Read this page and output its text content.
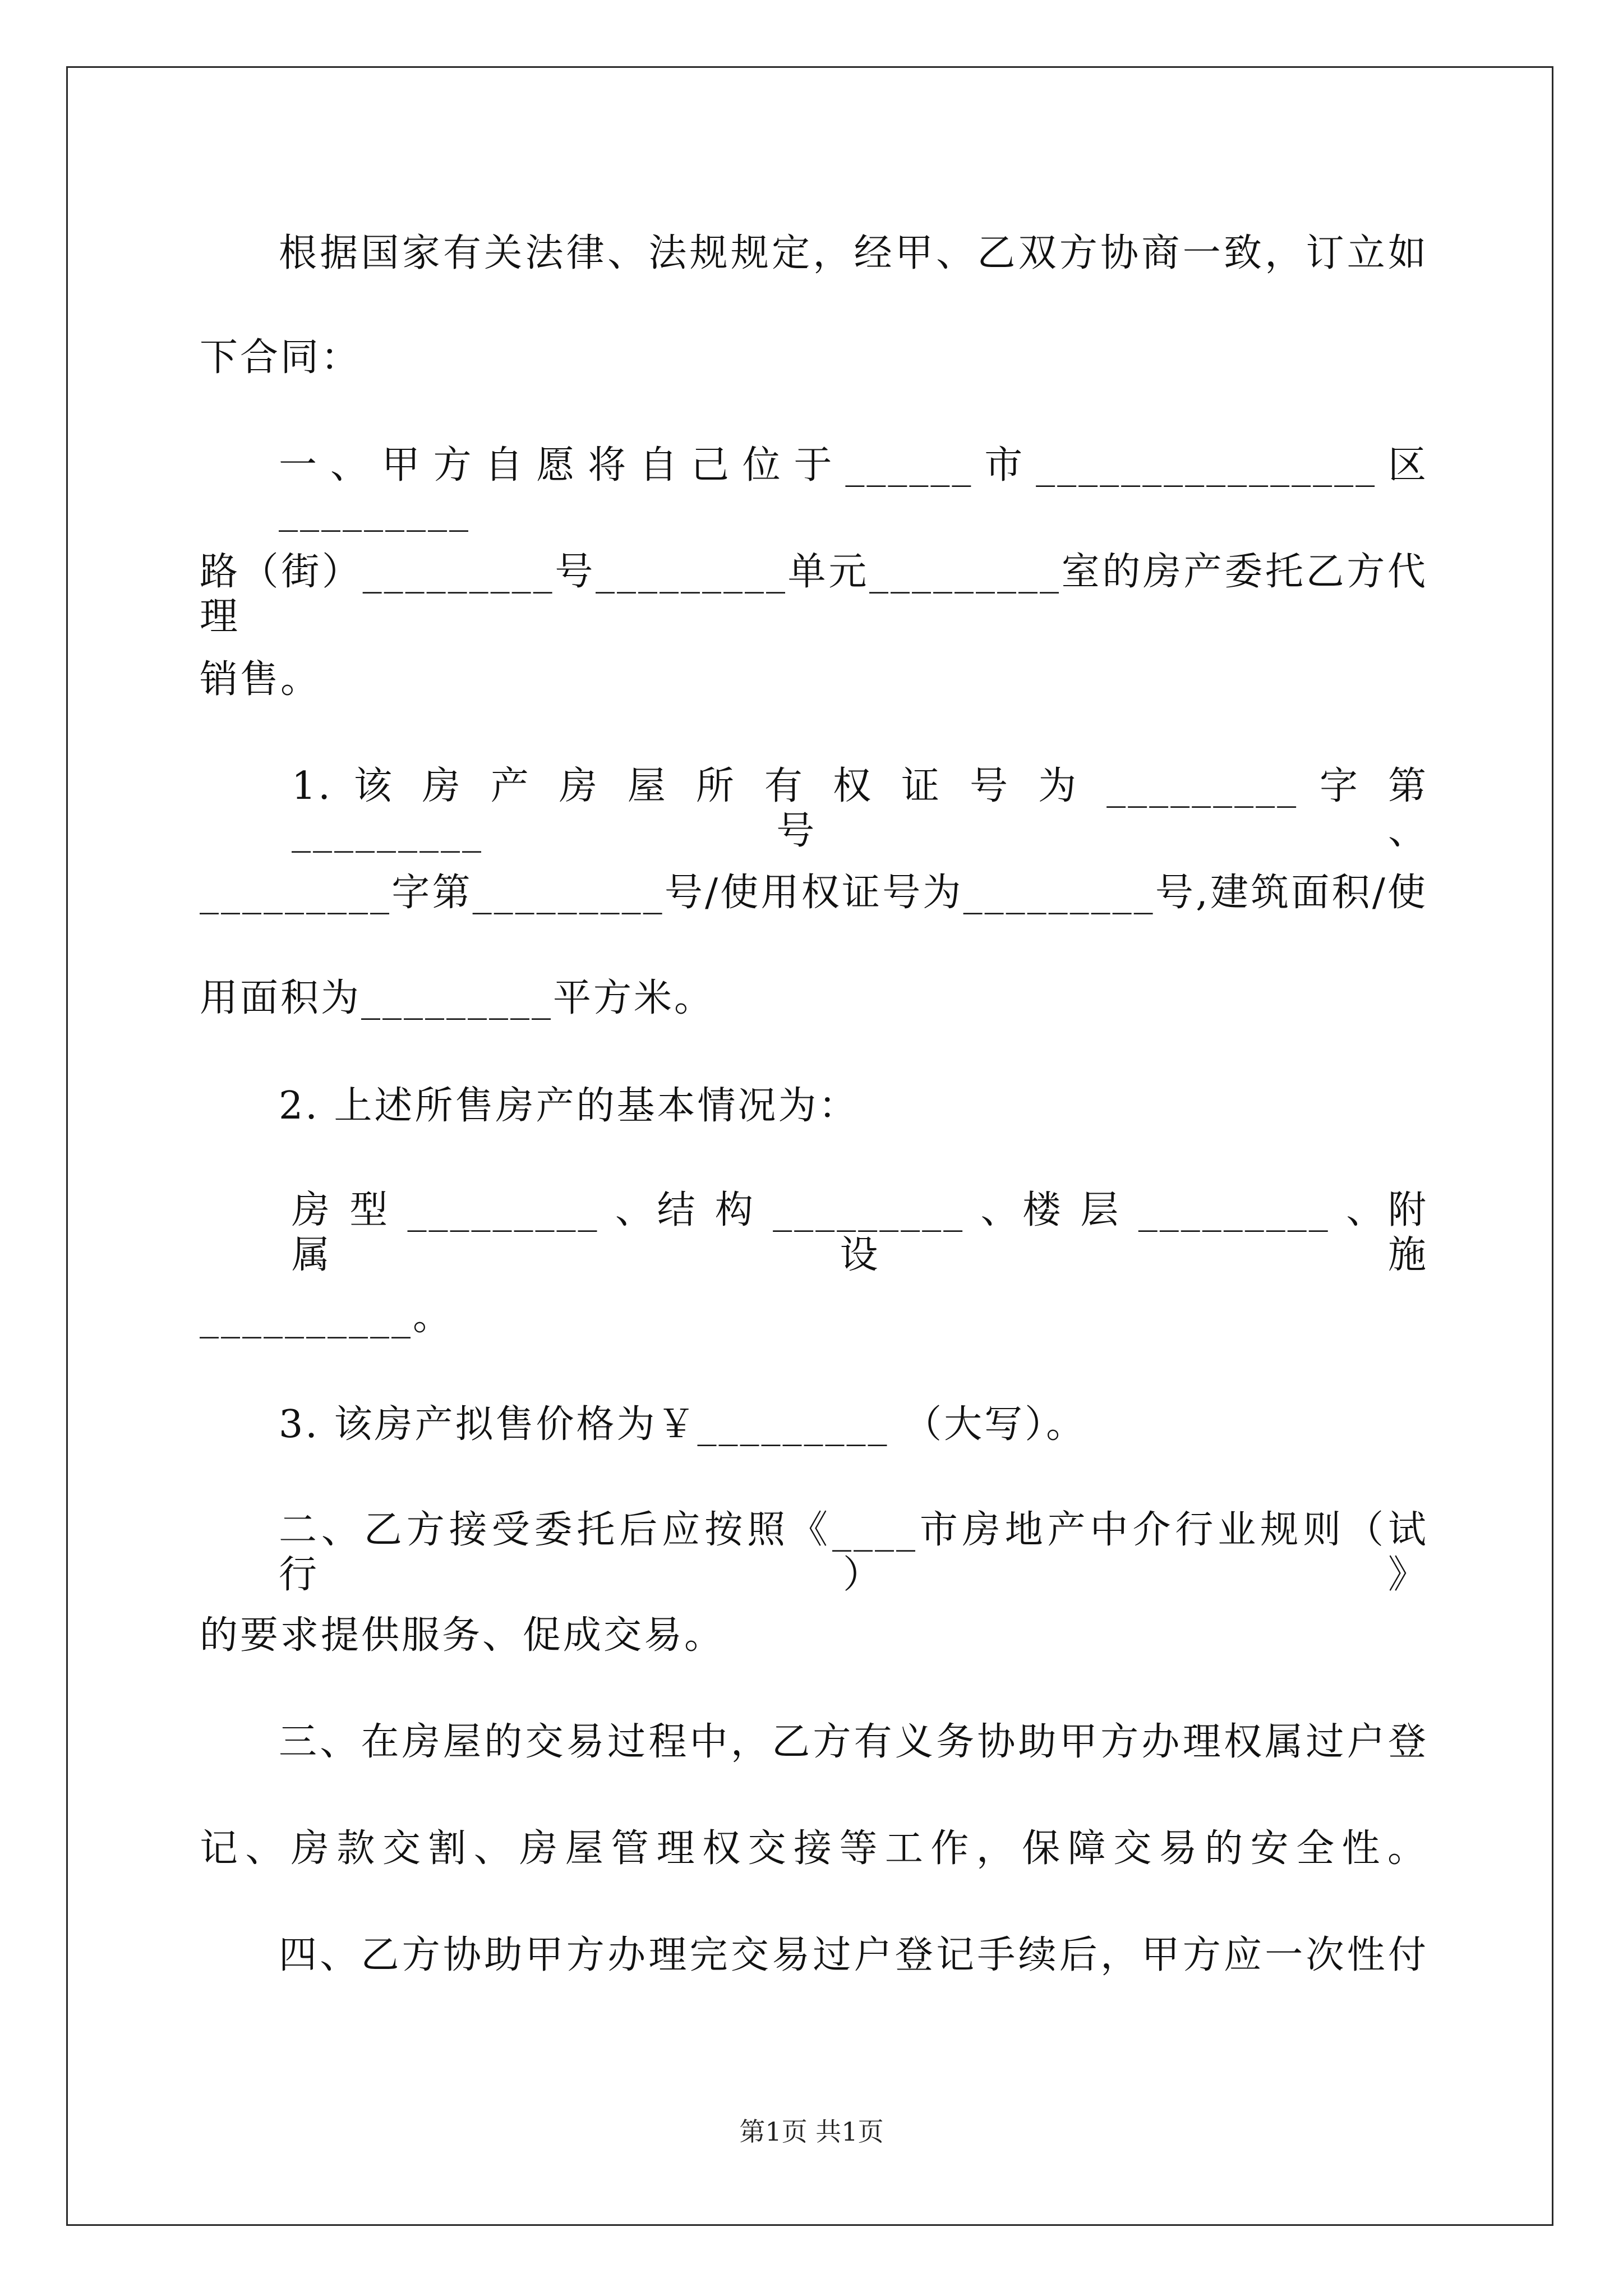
根据国家有关法律、法规规定，经甲、乙双方协商一致，订立如
下合同：
一、甲方自愿将自己位于______市________________区_________
路（街）_________号_________单元_________室的房产委托乙方代理
销售。
1. 该 房 产 房 屋 所 有 权 证 号 为 _________ 字 第 _________ 号 、
_________字第_________号/使用权证号为_________号,建筑面积/使
用面积为_________平方米。
2. 上述所售房产的基本情况为：
房 型 _________ 、结 构 _________ 、楼 层 _________ 、附 属 设 施
__________。
3. 该房产拟售价格为￥_________ （大写）。
二、乙方接受委托后应按照《____市房地产中介行业规则（试行）》
的要求提供服务、促成交易。
三、在房屋的交易过程中，乙方有义务协助甲方办理权属过户登
记、房款交割、房屋管理权交接等工作，保障交易的安全性。
四、乙方协助甲方办理完交易过户登记手续后，甲方应一次性付
第1页 共1页
